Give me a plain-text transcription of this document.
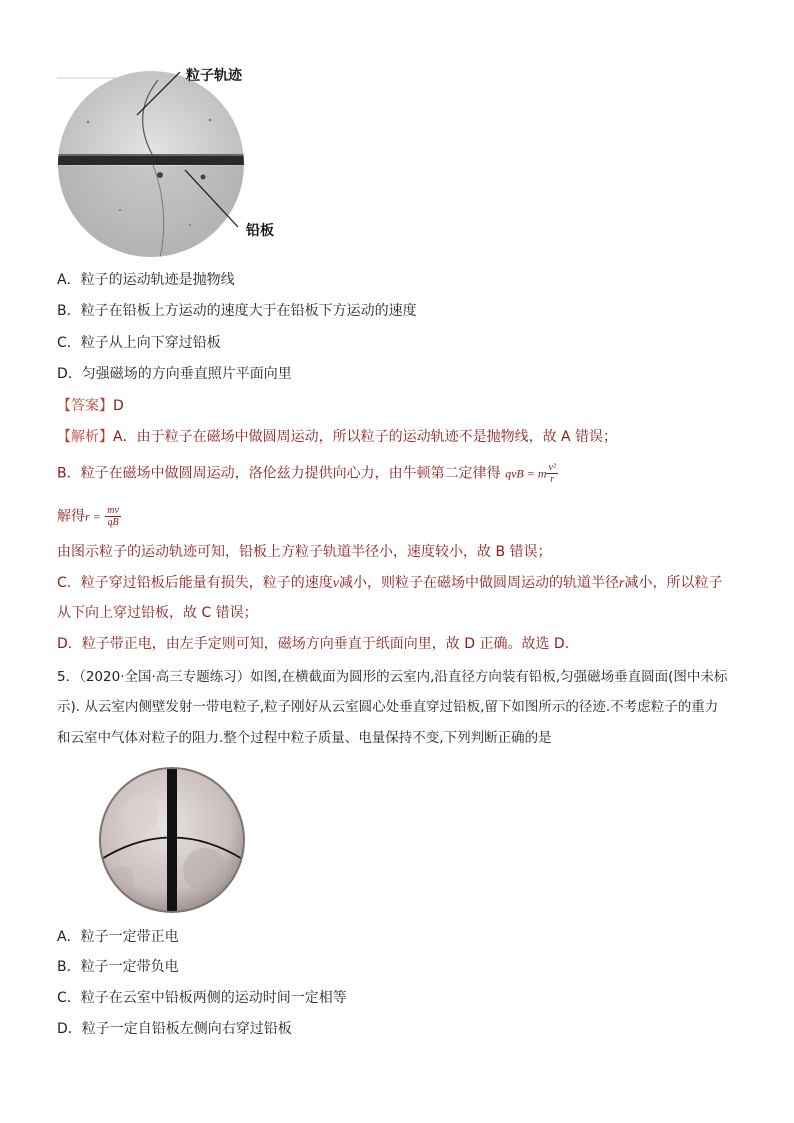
粒子轨迹
铅板
A．粒子的运动轨迹是抛物线
B．粒子在铅板上方运动的速度大于在铅板下方运动的速度
C．粒子从上向下穿过铅板
D．匀强磁场的方向垂直照片平面向里
【答案】D
【解析】A．由于粒子在磁场中做圆周运动，所以粒子的运动轨迹不是抛物线，故 A 错误；
B．粒子在磁场中做圆周运动，洛伦兹力提供向心力，由牛顿第二定律得 qvB = m $\frac{\text{v²}}{r}$
解得$r = \frac{mv}{qB}$
由图示粒子的运动轨迹可知，铅板上方粒子轨道半径小，速度较小，故 B 错误；
C．粒子穿过铅板后能量有损失，粒子的速度v减小，则粒子在磁场中做圆周运动的轨道半径r减小，所以粒子
从下向上穿过铅板，故 C 错误；
D．粒子带正电，由左手定则可知，磁场方向垂直于纸面向里，故 D 正确。故选 D.
5．（2020·全国·高三专题练习）如图,在横截面为圆形的云室内,沿直径方向装有铅板,匀强磁场垂直圆面(图中未标
示). 从云室内侧壁发射一带电粒子,粒子刚好从云室圆心处垂直穿过铅板,留下如图所示的径迹.不考虑粒子的重力
和云室中气体对粒子的阻力.整个过程中粒子质量、电量保持不变,下列判断正确的是
A．粒子一定带正电
B．粒子一定带负电
C．粒子在云室中铅板两侧的运动时间一定相等
D．粒子一定自铅板左侧向右穿过铅板
